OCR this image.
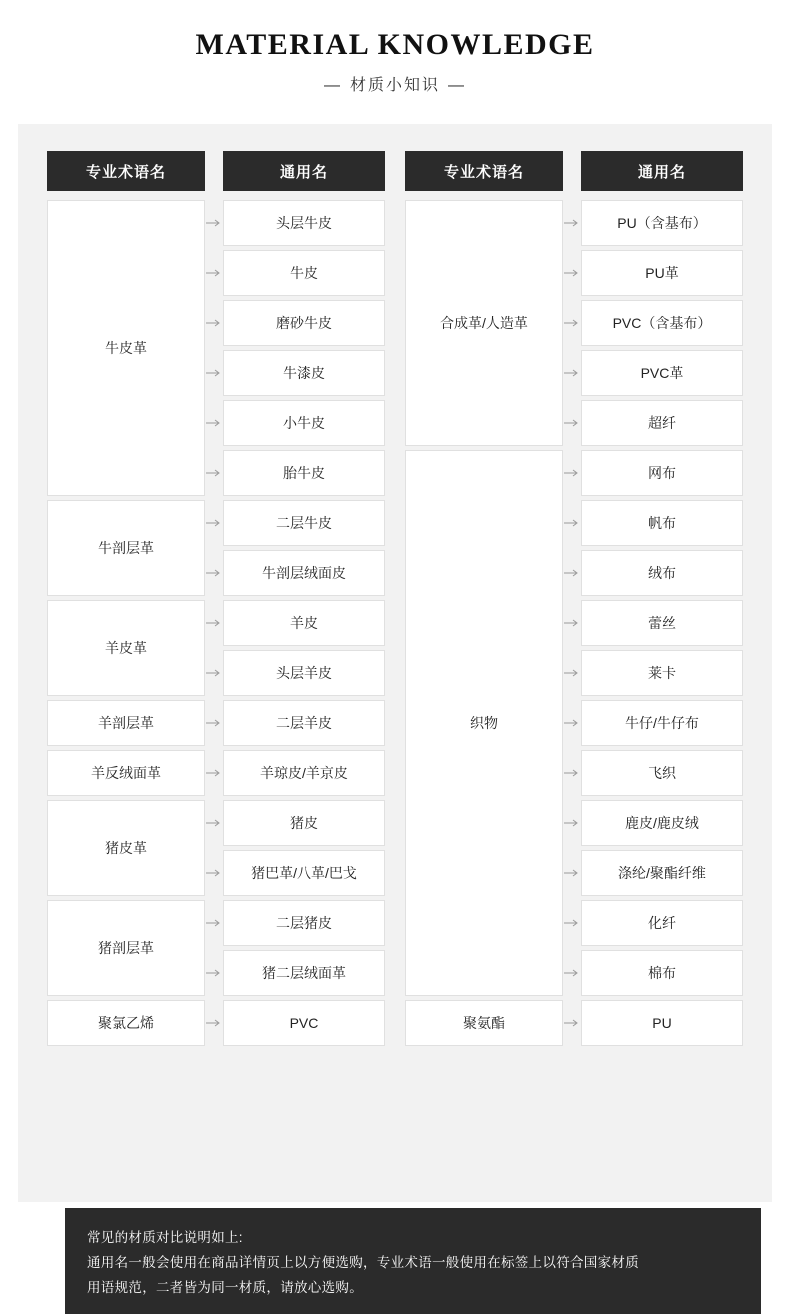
MATERIAL KNOWLEDGE
— 材质小知识 —
专业术语名	通用名
牛皮革
牛剖层革
羊皮革
羊剖层革
羊反绒面革
猪皮革
猪剖层革
聚氯乙烯
头层牛皮
牛皮
磨砂牛皮
牛漆皮
小牛皮
胎牛皮
二层牛皮
牛剖层绒面皮
羊皮
头层羊皮
二层羊皮
羊琼皮/羊京皮
猪皮
猪巴革/八革/巴戈
二层猪皮
猪二层绒面革
PVC
专业术语名	通用名
合成革/人造革
织物
聚氨酯
PU（含基布）
PU革
PVC（含基布）
PVC革
超纤
网布
帆布
绒布
蕾丝
莱卡
牛仔/牛仔布
飞织
鹿皮/鹿皮绒
涤纶/聚酯纤维
化纤
棉布
PU

常见的材质对比说明如上:

通用名一般会使用在商品详情页上以方便选购，专业术语一般使用在标签上以符合国家材质

用语规范，二者皆为同一材质，请放心选购。
